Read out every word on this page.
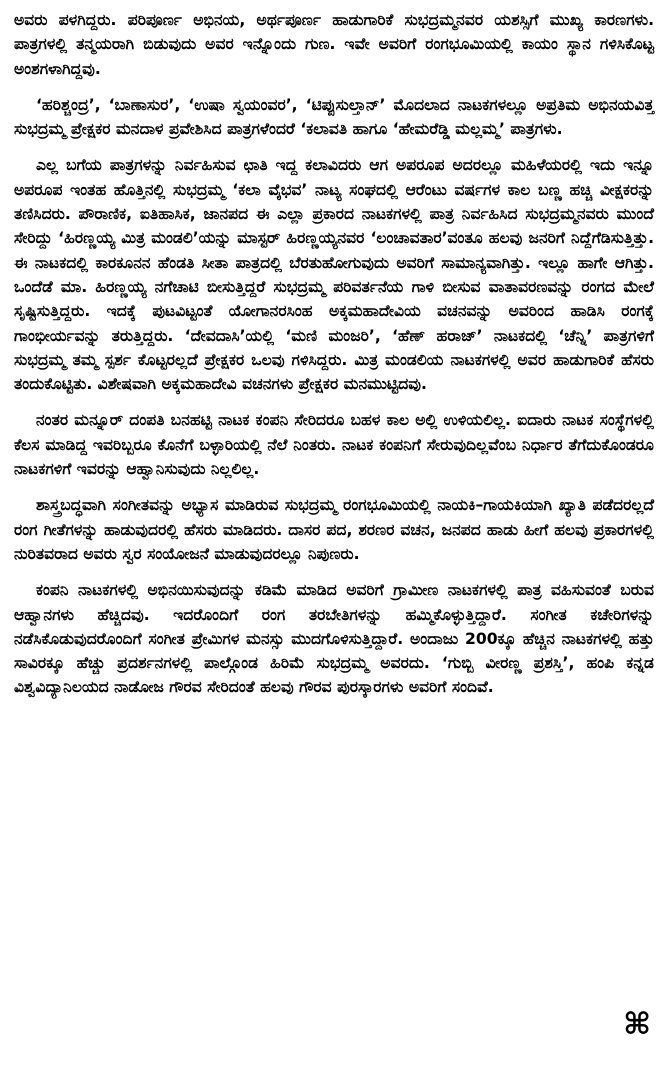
ಅವರು ಪಳಗಿದ್ದರು. ಪರಿಪೂರ್ಣ ಅಭಿನಯ, ಅರ್ಥಪೂರ್ಣ ಹಾಡುಗಾರಿಕೆ ಸುಭದ್ರಮ್ಮನವರ ಯಶಸ್ಸಿಗೆ ಮುಖ್ಯ ಕಾರಣಗಳು. ಪಾತ್ರಗಳಲ್ಲಿ ತನ್ಮಯರಾಗಿ ಬಿಡುವುದು ಅವರ ಇನ್ನೊಂದು ಗುಣ. ಇವೇ ಅವರಿಗೆ ರಂಗಭೂಮಿಯಲ್ಲಿ ಕಾಯಂ ಸ್ಥಾನ ಗಳಿಸಿಕೊಟ್ಟ ಅಂಶಗಳಾಗಿದ್ದವು.

‘ಹರಿಶ್ಚಂದ್ರ’, ‘ಬಾಣಾಸುರ’, ‘ಉಷಾ ಸ್ವಯಂವರ’, ‘ಟಿಪ್ಪುಸುಲ್ತಾನ್’ ಮೊದಲಾದ ನಾಟಕಗಳಲ್ಲೂ ಅಪ್ರತಿಮ ಅಭಿನಯವಿತ್ತ ಸುಭದ್ರಮ್ಮ ಪ್ರೇಕ್ಷಕರ ಮನದಾಳ ಪ್ರವೇಶಿಸಿದ ಪಾತ್ರಗಳೆಂದರೆ ‘ಕಲಾವತಿ ಹಾಗೂ ‘ಹೇಮರೆಡ್ಡಿ ಮಲ್ಲಮ್ಮ’ ಪಾತ್ರಗಳು.

ಎಲ್ಲ ಬಗೆಯ ಪಾತ್ರಗಳನ್ನು ನಿರ್ವಹಿಸುವ ಛಾತಿ ಇದ್ದ ಕಲಾವಿದರು ಆಗ ಅಪರೂಪ ಅದರಲ್ಲೂ ಮಹಿಳೆಯರಲ್ಲಿ ಇದು ಇನ್ನೂ ಅಪರೂಪ ಇಂತಹ ಹೊತ್ತಿನಲ್ಲಿ ಸುಭದ್ರಮ್ಮ ‘ಕಲಾ ವೈಭವ’ ನಾಟ್ಯ ಸಂಘದಲ್ಲಿ ಆರೆಂಟು ವರ್ಷಗಳ ಕಾಲ ಬಣ್ಣ ಹಚ್ಚಿ ವೀಕ್ಷಕರನ್ನು ತಣಿಸಿದರು. ಪೌರಾಣಿಕ, ಐತಿಹಾಸಿಕ, ಜಾನಪದ ಈ ಎಲ್ಲಾ ಪ್ರಕಾರದ ನಾಟಕಗಳಲ್ಲಿ ಪಾತ್ರ ನಿರ್ವಹಿಸಿದ ಸುಭದ್ರಮ್ಮನವರು ಮುಂದೆ ಸೇರಿದ್ದು ‘ಹಿರಣ್ಣಯ್ಯ ಮಿತ್ರ ಮಂಡಲಿ’ಯನ್ನು ಮಾಸ್ಟರ್ ಹಿರಣ್ಣಯ್ಯನವರ ‘ಲಂಚಾವತಾರ’ವಂತೂ ಹಲವು ಜನರಿಗೆ ನಿದ್ದೆಗೆಡಿಸುತ್ತಿತ್ತು. ಈ ನಾಟಕದಲ್ಲಿ ಕಾರಕೂನನ ಹೆಂಡತಿ ಸೀತಾ ಪಾತ್ರದಲ್ಲಿ ಬೆರತುಹೋಗುವುದು ಅವರಿಗೆ ಸಾಮಾನ್ಯವಾಗಿತ್ತು. ಇಲ್ಲೂ ಹಾಗೇ ಆಗಿತ್ತು. ಒಂದೆಡೆ ಮಾ. ಹಿರಣ್ಣಯ್ಯ ನಗೆಚಾಟಿ ಬೀಸುತ್ತಿದ್ದರೆ ಸುಭದ್ರಮ್ಮ ಪರಿವರ್ತನೆಯ ಗಾಳಿ ಬೀಸುವ ವಾತಾವರಣವನ್ನು ರಂಗದ ಮೇಲೆ ಸೃಷ್ಟಿಸುತ್ತಿದ್ದರು. ಇದಕ್ಕೆ ಪುಟವಿಟ್ಟಂತೆ ಯೋಗಾನರಸಿಂಹ ಅಕ್ಕಮಹಾದೇವಿಯ ವಚನವನ್ನು ಅವರಿಂದ ಹಾಡಿಸಿ ರಂಗಕ್ಕೆ ಗಾಂಭೀರ್ಯವನ್ನು ತರುತ್ತಿದ್ದರು. ‘ದೇವದಾಸಿ’ಯಲ್ಲಿ ‘ಮಣಿ ಮಂಜರಿ’, ‘ಹೆಣ್ ಹರಾಜ್’ ನಾಟಕದಲ್ಲಿ ‘ಚೆನ್ನಿ’ ಪಾತ್ರಗಳಿಗೆ ಸುಭದ್ರಮ್ಮ ತಮ್ಮ ಸ್ಪರ್ಶ ಕೊಟ್ಟರಲ್ಲದೆ ಪ್ರೇಕ್ಷಕರ ಒಲವು ಗಳಿಸಿದ್ದರು. ಮಿತ್ರ ಮಂಡಲಿಯ ನಾಟಕಗಳಲ್ಲಿ ಅವರ ಹಾಡುಗಾರಿಕೆ ಹೆಸರು ತಂದುಕೊಟ್ಟಿತು. ವಿಶೇಷವಾಗಿ ಅಕ್ಕಮಹಾದೇವಿ ವಚನಗಳು ಪ್ರೇಕ್ಷಕರ ಮನಮುಟ್ಟಿದವು.

ನಂತರ ಮನ್ನೂರ್ ದಂಪತಿ ಬನಹಟ್ಟಿ ನಾಟಕ ಕಂಪನಿ ಸೇರಿದರೂ ಬಹಳ ಕಾಲ ಅಲ್ಲಿ ಉಳಿಯಲಿಲ್ಲ. ಐದಾರು ನಾಟಕ ಸಂಸ್ಥೆಗಳಲ್ಲಿ ಕೆಲಸ ಮಾಡಿದ್ದ ಇವರಿಬ್ಬರೂ ಕೊನೆಗೆ ಬಳ್ಳಾರಿಯಲ್ಲಿ ನೆಲೆ ನಿಂತರು. ನಾಟಕ ಕಂಪನಿಗೆ ಸೇರುವುದಿಲ್ಲವೆಂಬ ನಿರ್ಧಾರ ತೆಗೆದುಕೊಂಡರೂ ನಾಟಕಗಳಿಗೆ ಇವರನ್ನು ಆಹ್ವಾನಿಸುವುದು ನಿಲ್ಲಲಿಲ್ಲ.

ಶಾಸ್ತ್ರಬದ್ಧವಾಗಿ ಸಂಗೀತವನ್ನು ಅಭ್ಯಾಸ ಮಾಡಿರುವ ಸುಭದ್ರಮ್ಮ ರಂಗಭೂಮಿಯಲ್ಲಿ ನಾಯಕಿ–ಗಾಯಕಿಯಾಗಿ ಖ್ಯಾತಿ ಪಡೆದರಲ್ಲದೆ ರಂಗ ಗೀತೆಗಳನ್ನು ಹಾಡುವುದರಲ್ಲಿ ಹೆಸರು ಮಾಡಿದರು. ದಾಸರ ಪದ, ಶರಣರ ವಚನ, ಜನಪದ ಹಾಡು ಹೀಗೆ ಹಲವು ಪ್ರಕಾರಗಳಲ್ಲಿ ನುರಿತವರಾದ ಅವರು ಸ್ವರ ಸಂಯೋಜನೆ ಮಾಡುವುದರಲ್ಲೂ ನಿಪುಣರು.

ಕಂಪನಿ ನಾಟಕಗಳಲ್ಲಿ ಅಭಿನಯಿಸುವುದನ್ನು ಕಡಿಮೆ ಮಾಡಿದ ಅವರಿಗೆ ಗ್ರಾಮೀಣ ನಾಟಕಗಳಲ್ಲಿ ಪಾತ್ರ ವಹಿಸುವಂತೆ ಬರುವ ಆಹ್ವಾನಗಳು ಹೆಚ್ಚಿದವು. ಇದರೊಂದಿಗೆ ರಂಗ ತರಬೇತಿಗಳನ್ನು ಹಮ್ಮಿಕೊಳ್ಳುತ್ತಿದ್ದಾರೆ. ಸಂಗೀತ ಕಚೇರಿಗಳನ್ನು ನಡೆಸಿಕೊಡುವುದರೊಂದಿಗೆ ಸಂಗೀತ ಪ್ರೇಮಿಗಳ ಮನಸ್ಸು ಮುದಗೊಳಿಸುತ್ತಿದ್ದಾರೆ. ಅಂದಾಜು 200ಕ್ಕೂ ಹೆಚ್ಚಿನ ನಾಟಕಗಳಲ್ಲಿ ಹತ್ತು ಸಾವಿರಕ್ಕೂ ಹೆಚ್ಚು ಪ್ರದರ್ಶನಗಳಲ್ಲಿ ಪಾಲ್ಗೊಂಡ ಹಿರಿಮೆ ಸುಭದ್ರಮ್ಮ ಅವರದು. ‘ಗುಬ್ಬಿ ವೀರಣ್ಣ ಪ್ರಶಸ್ತಿ’, ಹಂಪಿ ಕನ್ನಡ ವಿಶ್ವವಿದ್ಯಾನಿಲಯದ ನಾಡೋಜ ಗೌರವ ಸೇರಿದಂತೆ ಹಲವು ಗೌರವ ಪುರಸ್ಕಾರಗಳು ಅವರಿಗೆ ಸಂದಿವೆ.

⌘
